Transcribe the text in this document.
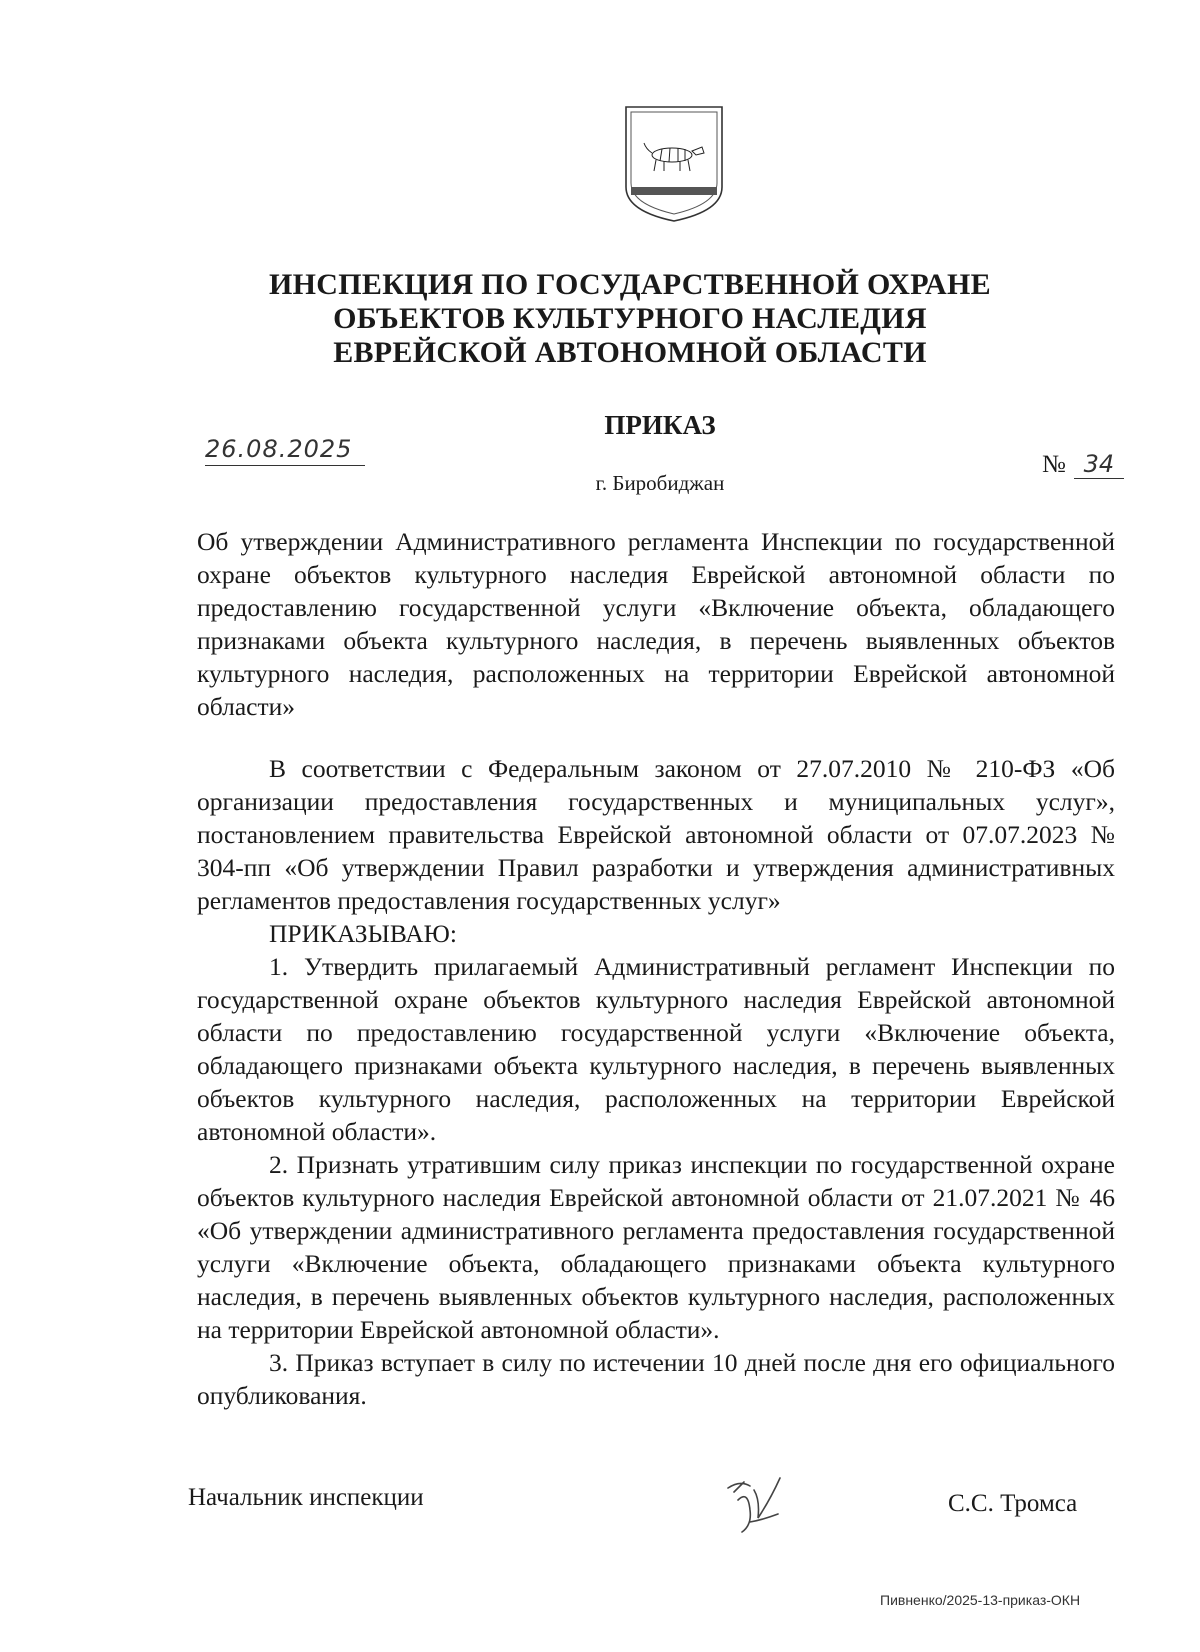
ИНСПЕКЦИЯ ПО ГОСУДАРСТВЕННОЙ ОХРАНЕ
ОБЪЕКТОВ КУЛЬТУРНОГО НАСЛЕДИЯ
ЕВРЕЙСКОЙ АВТОНОМНОЙ ОБЛАСТИ
ПРИКАЗ
26.08.2025
№ 34
г. Биробиджан
Об утверждении Административного регламента Инспекции по государственной охране объектов культурного наследия Еврейской автономной области по предоставлению государственной услуги «Включение объекта, обладающего признаками объекта культурного наследия, в перечень выявленных объектов культурного наследия, расположенных на территории Еврейской автономной области»

В соответствии с Федеральным законом от 27.07.2010 № 210-ФЗ «Об организации предоставления государственных и муниципальных услуг», постановлением правительства Еврейской автономной области от 07.07.2023 № 304-пп «Об утверждении Правил разработки и утверждения административных регламентов предоставления государственных услуг»

ПРИКАЗЫВАЮ:

1. Утвердить прилагаемый Административный регламент Инспекции по государственной охране объектов культурного наследия Еврейской автономной области по предоставлению государственной услуги «Включение объекта, обладающего признаками объекта культурного наследия, в перечень выявленных объектов культурного наследия, расположенных на территории Еврейской автономной области».

2. Признать утратившим силу приказ инспекции по государственной охране объектов культурного наследия Еврейской автономной области от 21.07.2021 № 46 «Об утверждении административного регламента предоставления государственной услуги «Включение объекта, обладающего признаками объекта культурного наследия, в перечень выявленных объектов культурного наследия, расположенных на территории Еврейской автономной области».

3. Приказ вступает в силу по истечении 10 дней после дня его официального опубликования.

Начальник инспекции	С.С. Тромса
Пивненко/2025-13-приказ-ОКН
